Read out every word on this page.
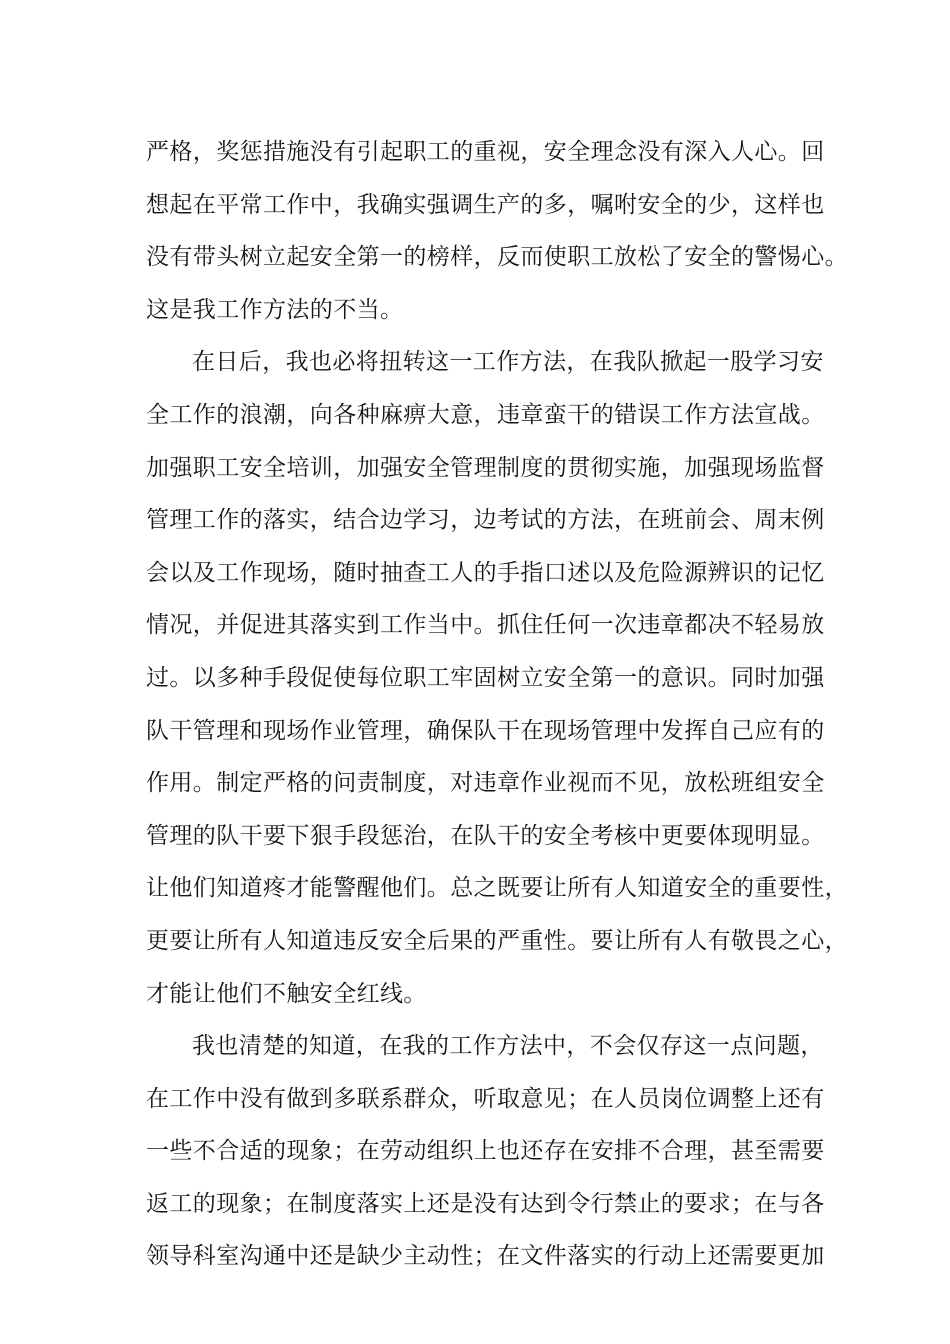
严格，奖惩措施没有引起职工的重视，安全理念没有深入人心。回
想起在平常工作中，我确实强调生产的多，嘱咐安全的少，这样也
没有带头树立起安全第一的榜样，反而使职工放松了安全的警惕心。
这是我工作方法的不当。
在日后，我也必将扭转这一工作方法，在我队掀起一股学习安
全工作的浪潮，向各种麻痹大意，违章蛮干的错误工作方法宣战。
加强职工安全培训，加强安全管理制度的贯彻实施，加强现场监督
管理工作的落实，结合边学习，边考试的方法，在班前会、周末例
会以及工作现场，随时抽查工人的手指口述以及危险源辨识的记忆
情况，并促进其落实到工作当中。抓住任何一次违章都决不轻易放
过。以多种手段促使每位职工牢固树立安全第一的意识。同时加强
队干管理和现场作业管理，确保队干在现场管理中发挥自己应有的
作用。制定严格的问责制度，对违章作业视而不见，放松班组安全
管理的队干要下狠手段惩治，在队干的安全考核中更要体现明显。
让他们知道疼才能警醒他们。总之既要让所有人知道安全的重要性，
更要让所有人知道违反安全后果的严重性。要让所有人有敬畏之心，
才能让他们不触安全红线。
我也清楚的知道，在我的工作方法中，不会仅存这一点问题，
在工作中没有做到多联系群众，听取意见；在人员岗位调整上还有
一些不合适的现象；在劳动组织上也还存在安排不合理，甚至需要
返工的现象；在制度落实上还是没有达到令行禁止的要求；在与各
领导科室沟通中还是缺少主动性；在文件落实的行动上还需要更加
